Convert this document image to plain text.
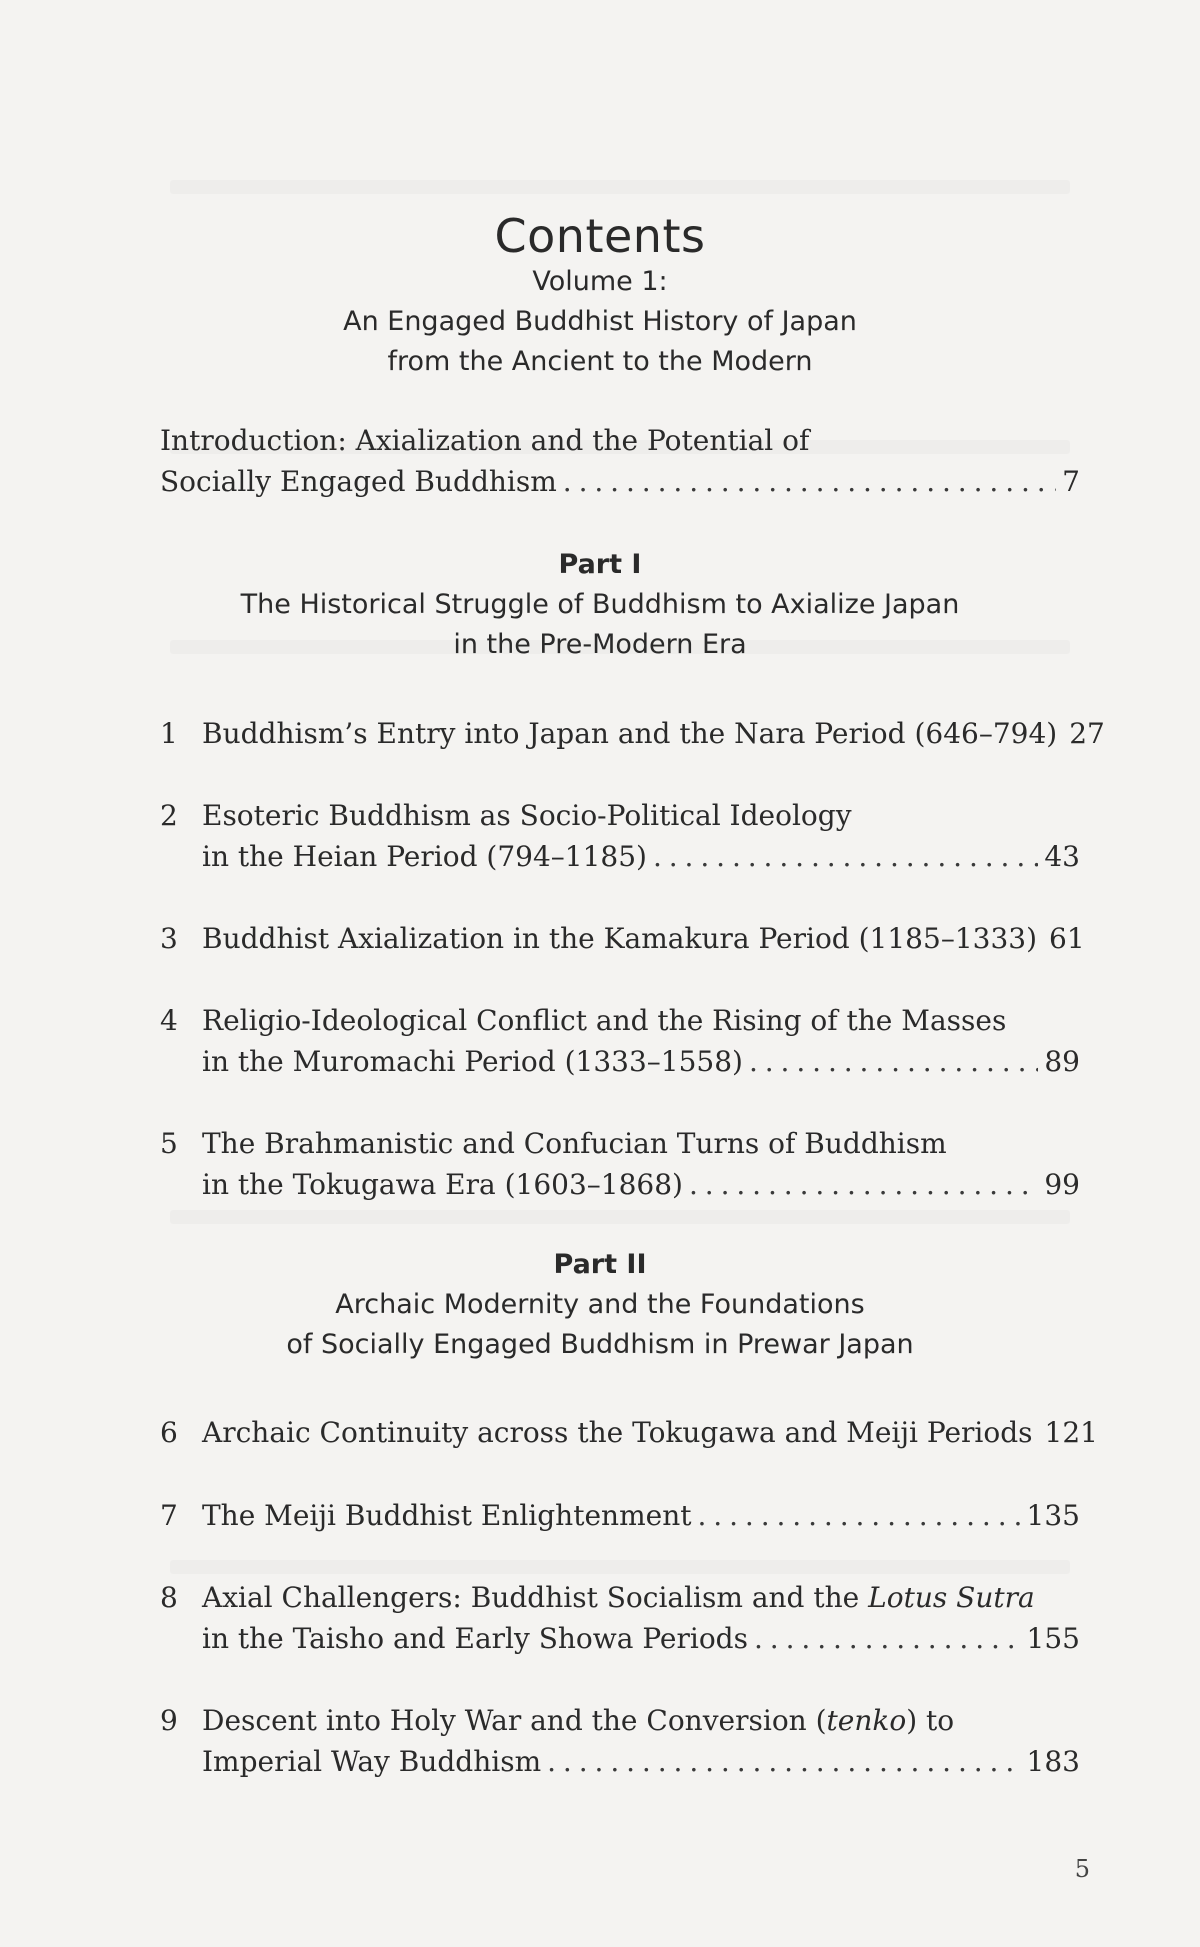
Contents

Volume 1:

An Engaged Buddhist History of Japan

from the Ancient to the Modern

Introduction: Axialization and the Potential of
Socially Engaged Buddhism . . .	7

Part I

The Historical Struggle of Buddhism to Axialize Japan

in the Pre-Modern Era

1 Buddhism’s Entry into Japan and the Nara Period (646–794) 27
2 Esoteric Buddhism as Socio-Political Ideology
in the Heian Period (794–1185) . . .	43
3 Buddhist Axialization in the Kamakura Period (1185–1333) 61
4 Religio-Ideological Conflict and the Rising of the Masses
in the Muromachi Period (1333–1558) . . .	89
5 The Brahmanistic and Confucian Turns of Buddhism
in the Tokugawa Era (1603–1868) . . .	99

Part II

Archaic Modernity and the Foundations

of Socially Engaged Buddhism in Prewar Japan

6 Archaic Continuity across the Tokugawa and Meiji Periods 121
7 The Meiji Buddhist Enlightenment . . .	135
8 Axial Challengers: Buddhist Socialism and the Lotus Sutra
in the Taisho and Early Showa Periods . . .	155
9 Descent into Holy War and the Conversion (tenko) to
Imperial Way Buddhism . . .	183
5
